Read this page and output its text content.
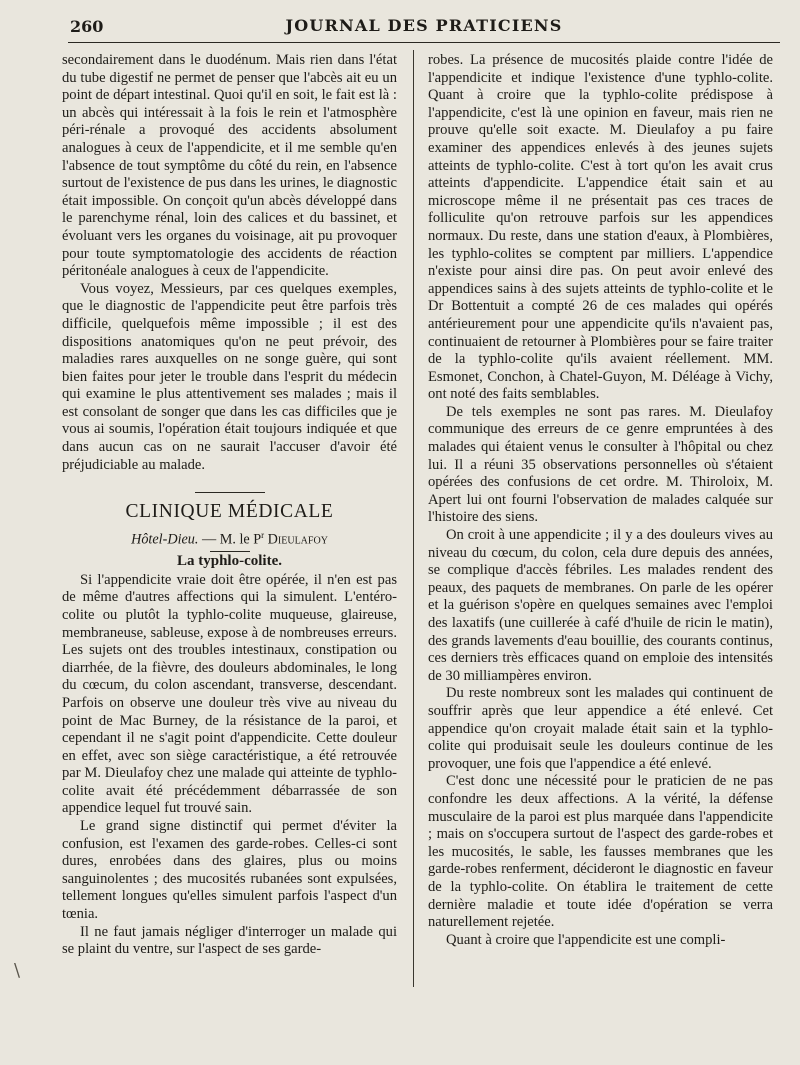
260	JOURNAL DES PRATICIENS

secondairement dans le duodénum. Mais rien dans l'état du tube digestif ne permet de penser que l'abcès ait eu un point de départ intestinal. Quoi qu'il en soit, le fait est là : un abcès qui intéressait à la fois le rein et l'atmosphère péri-rénale a provoqué des accidents absolument analogues à ceux de l'appendicite, et il me semble qu'en l'absence de tout symptôme du côté du rein, en l'absence surtout de l'existence de pus dans les urines, le diagnostic était impossible. On conçoit qu'un abcès développé dans le parenchyme rénal, loin des calices et du bassinet, et évoluant vers les organes du voisinage, ait pu provoquer pour toute symptomatologie des accidents de réaction péritonéale analogues à ceux de l'appendicite.

Vous voyez, Messieurs, par ces quelques exemples, que le diagnostic de l'appendicite peut être parfois très difficile, quelquefois même impossible ; il est des dispositions anatomiques qu'on ne peut prévoir, des maladies rares auxquelles on ne songe guère, qui sont bien faites pour jeter le trouble dans l'esprit du médecin qui examine le plus attentivement ses malades ; mais il est consolant de songer que dans les cas difficiles que je vous ai soumis, l'opération était toujours indiquée et que dans aucun cas on ne saurait l'accuser d'avoir été préjudiciable au malade.

CLINIQUE MÉDICALE
Hôtel-Dieu. — M. le $P^r$ Dieulafoy
La typhlo-colite.

Si l'appendicite vraie doit être opérée, il n'en est pas de même d'autres affections qui la simulent. L'entéro-colite ou plutôt la typhlo-colite muqueuse, glaireuse, membraneuse, sableuse, expose à de nombreuses erreurs. Les sujets ont des troubles intestinaux, constipation ou diarrhée, de la fièvre, des douleurs abdominales, le long du cœcum, du colon ascendant, transverse, descendant. Parfois on observe une douleur très vive au niveau du point de Mac Burney, de la résistance de la paroi, et cependant il ne s'agit point d'appendicite. Cette douleur en effet, avec son siège caractéristique, a été retrouvée par M. Dieulafoy chez une malade qui atteinte de typhlo-colite avait été précédemment débarrassée de son appendice lequel fut trouvé sain.

Le grand signe distinctif qui permet d'éviter la confusion, est l'examen des garde-robes. Celles-ci sont dures, enrobées dans des glaires, plus ou moins sanguinolentes ; des mucosités rubanées sont expulsées, tellement longues qu'elles simulent parfois l'aspect d'un tœnia.

Il ne faut jamais négliger d'interroger un malade qui se plaint du ventre, sur l'aspect de ses garde-

robes. La présence de mucosités plaide contre l'idée de l'appendicite et indique l'existence d'une typhlo-colite. Quant à croire que la typhlo-colite prédispose à l'appendicite, c'est là une opinion en faveur, mais rien ne prouve qu'elle soit exacte. M. Dieulafoy a pu faire examiner des appendices enlevés à des jeunes sujets atteints de typhlo-colite. C'est à tort qu'on les avait crus atteints d'appendicite. L'appendice était sain et au microscope même il ne présentait pas ces traces de folliculite qu'on retrouve parfois sur les appendices normaux. Du reste, dans une station d'eaux, à Plombières, les typhlo-colites se comptent par milliers. L'appendice n'existe pour ainsi dire pas. On peut avoir enlevé des appendices sains à des sujets atteints de typhlo-colite et le Dr Bottentuit a compté 26 de ces malades qui opérés antérieurement pour une appendicite qu'ils n'avaient pas, continuaient de retourner à Plombières pour se faire traiter de la typhlo-colite qu'ils avaient réellement. MM. Esmonet, Conchon, à Chatel-Guyon, M. Déléage à Vichy, ont noté des faits semblables.

De tels exemples ne sont pas rares. M. Dieulafoy communique des erreurs de ce genre empruntées à des malades qui étaient venus le consulter à l'hôpital ou chez lui. Il a réuni 35 observations personnelles où s'étaient opérées des confusions de cet ordre. M. Thiroloix, M. Apert lui ont fourni l'observation de malades calquée sur l'histoire des siens.

On croit à une appendicite ; il y a des douleurs vives au niveau du cœcum, du colon, cela dure depuis des années, se complique d'accès fébriles. Les malades rendent des peaux, des paquets de membranes. On parle de les opérer et la guérison s'opère en quelques semaines avec l'emploi des laxatifs (une cuillerée à café d'huile de ricin le matin), des grands lavements d'eau bouillie, des courants continus, ces derniers très efficaces quand on emploie des intensités de 30 milliampères environ.

Du reste nombreux sont les malades qui continuent de souffrir après que leur appendice a été enlevé. Cet appendice qu'on croyait malade était sain et la typhlo-colite qui produisait seule les douleurs continue de les provoquer, une fois que l'appendice a été enlevé.

C'est donc une nécessité pour le praticien de ne pas confondre les deux affections. A la vérité, la défense musculaire de la paroi est plus marquée dans l'appendicite ; mais on s'occupera surtout de l'aspect des garde-robes et les mucosités, le sable, les fausses membranes que les garde-robes renferment, décideront le diagnostic en faveur de la typhlo-colite. On établira le traitement de cette dernière maladie et toute idée d'opération se verra naturellement rejetée.

Quant à croire que l'appendicite est une compli-

\
